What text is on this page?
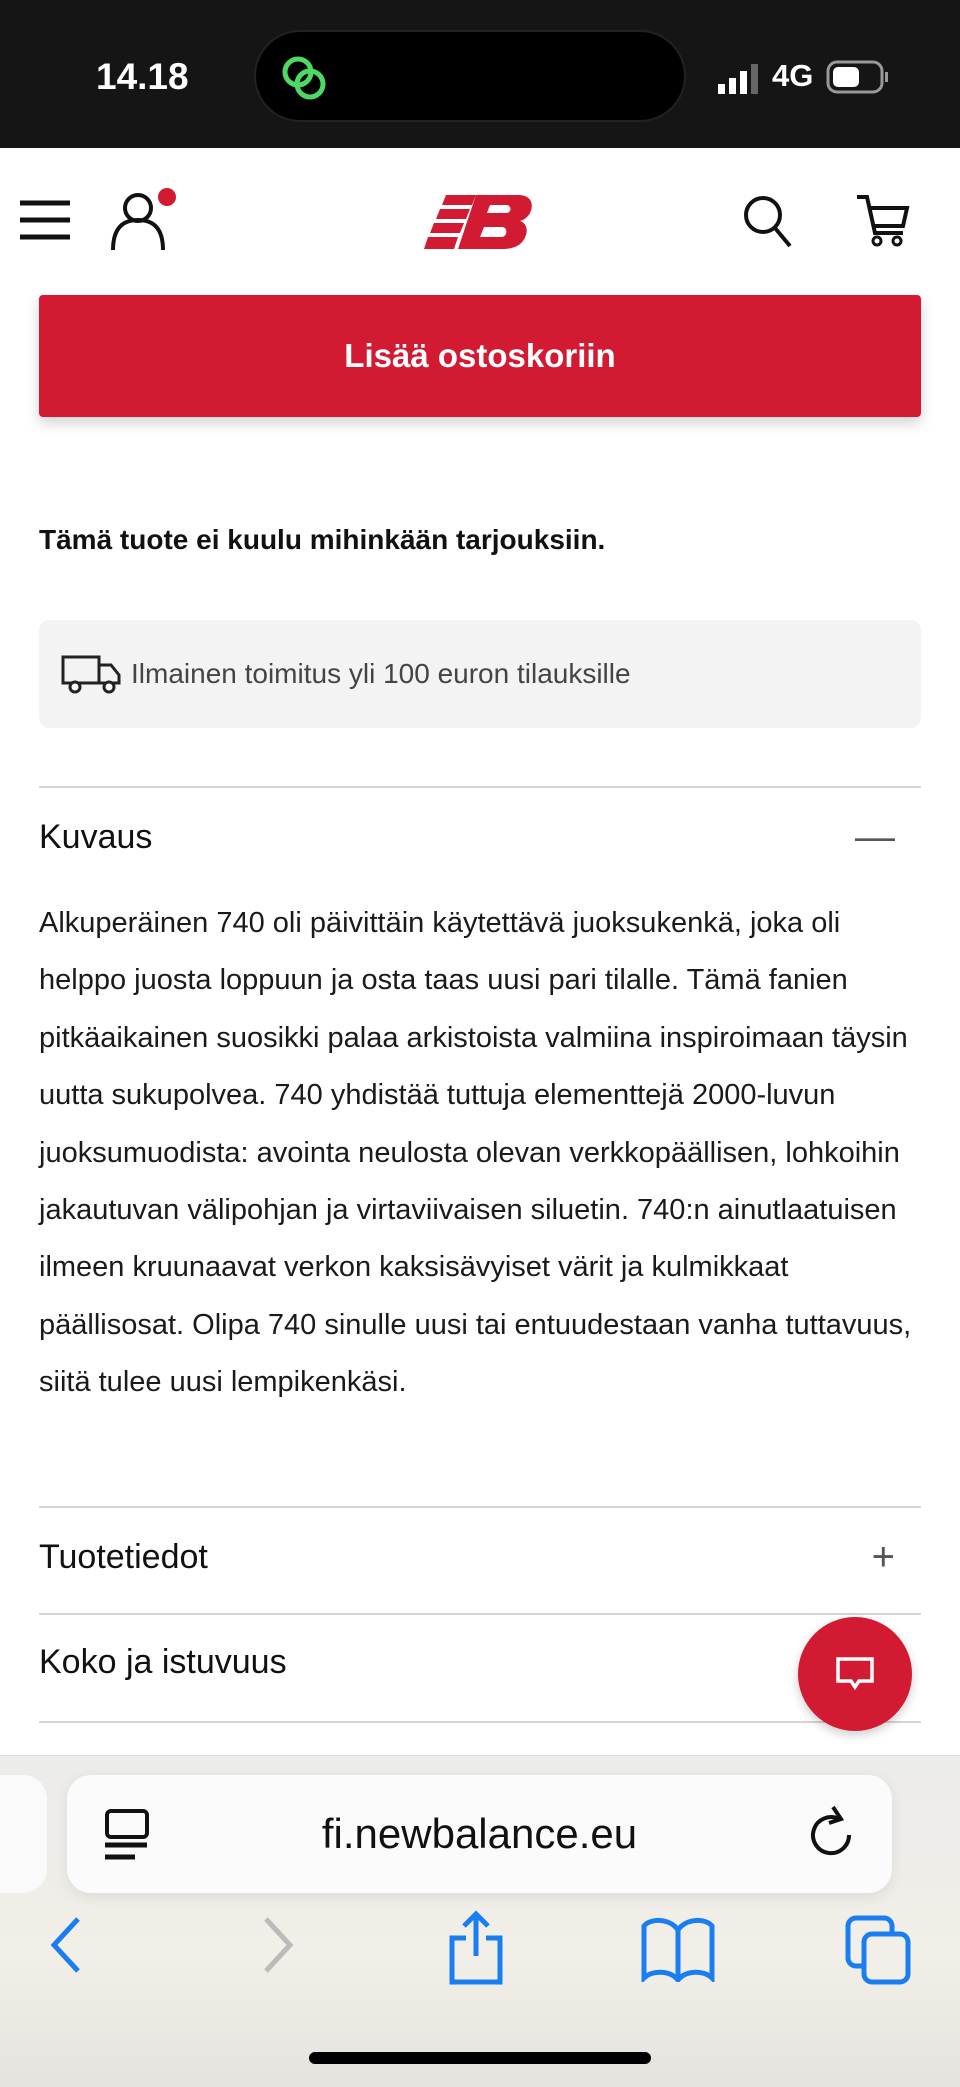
14.18	4G
Lisää ostoskoriin
Tämä tuote ei kuulu mihinkään tarjouksiin.
Ilmainen toimitus yli 100 euron tilauksille
Kuvaus	—
Alkuperäinen 740 oli päivittäin käytettävä juoksukenkä, joka oli helppo juosta loppuun ja osta taas uusi pari tilalle. Tämä fanien pitkäaikainen suosikki palaa arkistoista valmiina inspiroimaan täysin uutta sukupolvea. 740 yhdistää tuttuja elementtejä 2000-luvun juoksumuodista: avointa neulosta olevan verkkopäällisen, lohkoihin jakautuvan välipohjan ja virtaviivaisen siluetin. 740:n ainutlaatuisen ilmeen kruunaavat verkon kaksisävyiset värit ja kulmikkaat päällisosat. Olipa 740 sinulle uusi tai entuudestaan vanha tuttavuus, siitä tulee uusi lempikenkäsi.
Tuotetiedot	+
Koko ja istuvuus
fi.newbalance.eu
